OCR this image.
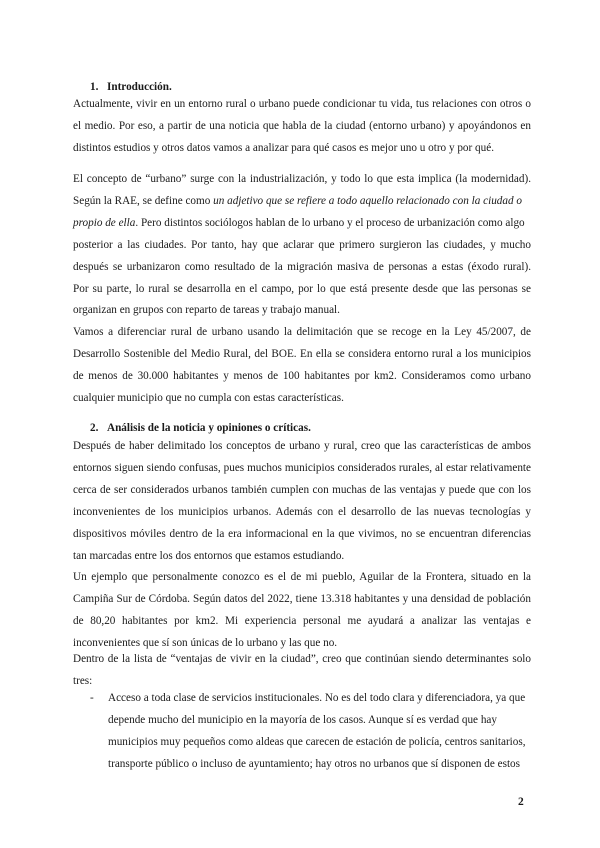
1. Introducción.

Actualmente, vivir en un entorno rural o urbano puede condicionar tu vida, tus relaciones con otros o
el medio. Por eso, a partir de una noticia que habla de la ciudad (entorno urbano) y apoyándonos en
distintos estudios y otros datos vamos a analizar para qué casos es mejor uno u otro y por qué.

El concepto de “urbano” surge con la industrialización, y todo lo que esta implica (la modernidad).
Según la RAE, se define como un adjetivo que se refiere a todo aquello relacionado con la ciudad o
propio de ella. Pero distintos sociólogos hablan de lo urbano y el proceso de urbanización como algo
posterior a las ciudades. Por tanto, hay que aclarar que primero surgieron las ciudades, y mucho
después se urbanizaron como resultado de la migración masiva de personas a estas (éxodo rural).
Por su parte, lo rural se desarrolla en el campo, por lo que está presente desde que las personas se
organizan en grupos con reparto de tareas y trabajo manual.
Vamos a diferenciar rural de urbano usando la delimitación que se recoge en la Ley 45/2007, de
Desarrollo Sostenible del Medio Rural, del BOE. En ella se considera entorno rural a los municipios
de menos de 30.000 habitantes y menos de 100 habitantes por km2. Consideramos como urbano
cualquier municipio que no cumpla con estas características.

2. Análisis de la noticia y opiniones o críticas.

Después de haber delimitado los conceptos de urbano y rural, creo que las características de ambos
entornos siguen siendo confusas, pues muchos municipios considerados rurales, al estar relativamente
cerca de ser considerados urbanos también cumplen con muchas de las ventajas y puede que con los
inconvenientes de los municipios urbanos. Además con el desarrollo de las nuevas tecnologías y
dispositivos móviles dentro de la era informacional en la que vivimos, no se encuentran diferencias
tan marcadas entre los dos entornos que estamos estudiando.
Un ejemplo que personalmente conozco es el de mi pueblo, Aguilar de la Frontera, situado en la
Campiña Sur de Córdoba. Según datos del 2022, tiene 13.318 habitantes y una densidad de población
de 80,20 habitantes por km2. Mi experiencia personal me ayudará a analizar las ventajas e
inconvenientes que sí son únicas de lo urbano y las que no.

Dentro de la lista de “ventajas de vivir en la ciudad”, creo que continúan siendo determinantes solo
tres:

- Acceso a toda clase de servicios institucionales. No es del todo clara y diferenciadora, ya que
depende mucho del municipio en la mayoría de los casos. Aunque sí es verdad que hay
municipios muy pequeños como aldeas que carecen de estación de policía, centros sanitarios,
transporte público o incluso de ayuntamiento; hay otros no urbanos que sí disponen de estos
2
